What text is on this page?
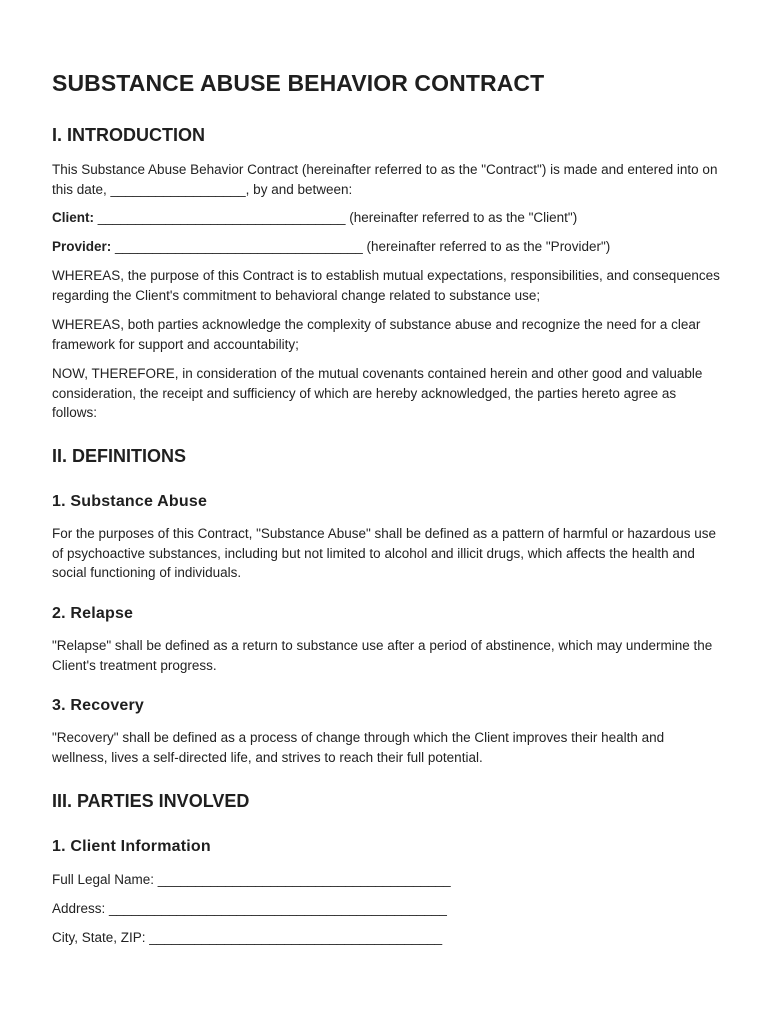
SUBSTANCE ABUSE BEHAVIOR CONTRACT
I. INTRODUCTION

This Substance Abuse Behavior Contract (hereinafter referred to as the "Contract") is made and entered into on this date, __________________, by and between:

Client: _________________________________ (hereinafter referred to as the "Client")
Provider: _________________________________ (hereinafter referred to as the "Provider")

WHEREAS, the purpose of this Contract is to establish mutual expectations, responsibilities, and consequences regarding the Client's commitment to behavioral change related to substance use;

WHEREAS, both parties acknowledge the complexity of substance abuse and recognize the need for a clear framework for support and accountability;

NOW, THEREFORE, in consideration of the mutual covenants contained herein and other good and valuable consideration, the receipt and sufficiency of which are hereby acknowledged, the parties hereto agree as follows:

II. DEFINITIONS
1. Substance Abuse

For the purposes of this Contract, "Substance Abuse" shall be defined as a pattern of harmful or hazardous use of psychoactive substances, including but not limited to alcohol and illicit drugs, which affects the health and social functioning of individuals.

2. Relapse

"Relapse" shall be defined as a return to substance use after a period of abstinence, which may undermine the Client's treatment progress.

3. Recovery

"Recovery" shall be defined as a process of change through which the Client improves their health and wellness, lives a self-directed life, and strives to reach their full potential.

III. PARTIES INVOLVED
1. Client Information
Full Legal Name: _______________________________________
Address: _____________________________________________
City, State, ZIP: _______________________________________
